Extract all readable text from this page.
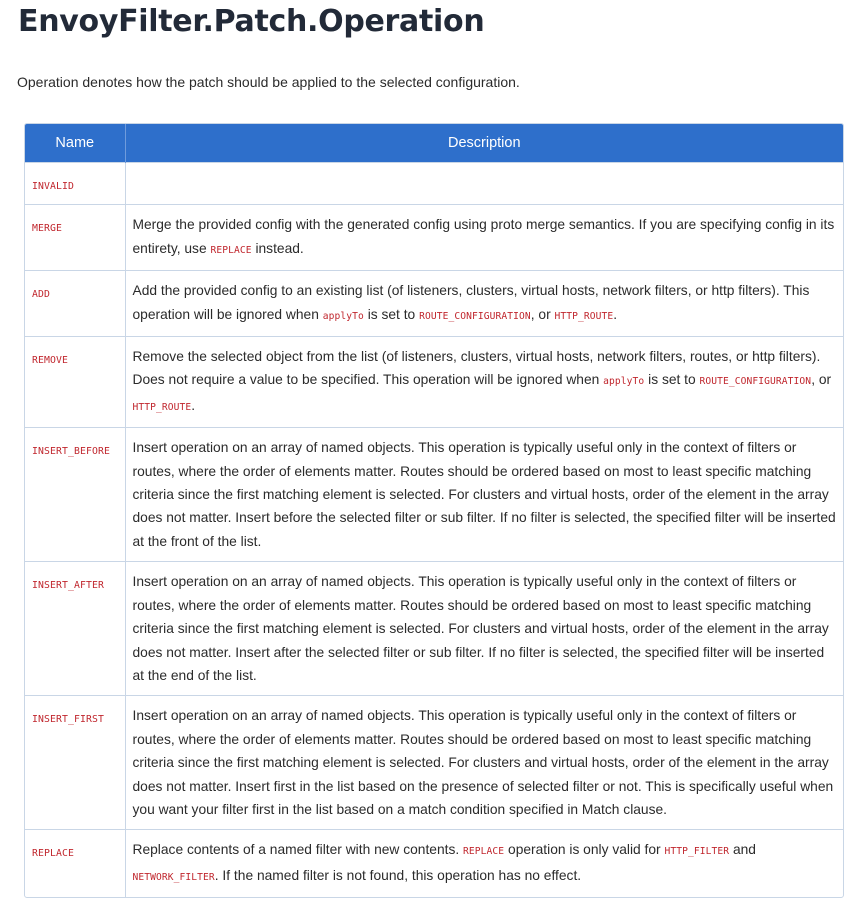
EnvoyFilter.Patch.Operation

Operation denotes how the patch should be applied to the selected configuration.

Name	Description
INVALID	
MERGE	Merge the provided config with the generated config using proto merge semantics. If you are specifying config in its entirety, use REPLACE instead.
ADD	Add the provided config to an existing list (of listeners, clusters, virtual hosts, network filters, or http filters). This operation will be ignored when applyTo is set to ROUTE_CONFIGURATION, or HTTP_ROUTE.
REMOVE	Remove the selected object from the list (of listeners, clusters, virtual hosts, network filters, routes, or http filters). Does not require a value to be specified. This operation will be ignored when applyTo is set to ROUTE_CONFIGURATION, or HTTP_ROUTE.
INSERT_BEFORE	Insert operation on an array of named objects. This operation is typically useful only in the context of filters or routes, where the order of elements matter. Routes should be ordered based on most to least specific matching criteria since the first matching element is selected. For clusters and virtual hosts, order of the element in the array does not matter. Insert before the selected filter or sub filter. If no filter is selected, the specified filter will be inserted at the front of the list.
INSERT_AFTER	Insert operation on an array of named objects. This operation is typically useful only in the context of filters or routes, where the order of elements matter. Routes should be ordered based on most to least specific matching criteria since the first matching element is selected. For clusters and virtual hosts, order of the element in the array does not matter. Insert after the selected filter or sub filter. If no filter is selected, the specified filter will be inserted at the end of the list.
INSERT_FIRST	Insert operation on an array of named objects. This operation is typically useful only in the context of filters or routes, where the order of elements matter. Routes should be ordered based on most to least specific matching criteria since the first matching element is selected. For clusters and virtual hosts, order of the element in the array does not matter. Insert first in the list based on the presence of selected filter or not. This is specifically useful when you want your filter first in the list based on a match condition specified in Match clause.
REPLACE	Replace contents of a named filter with new contents. REPLACE operation is only valid for HTTP_FILTER and NETWORK_FILTER. If the named filter is not found, this operation has no effect.
